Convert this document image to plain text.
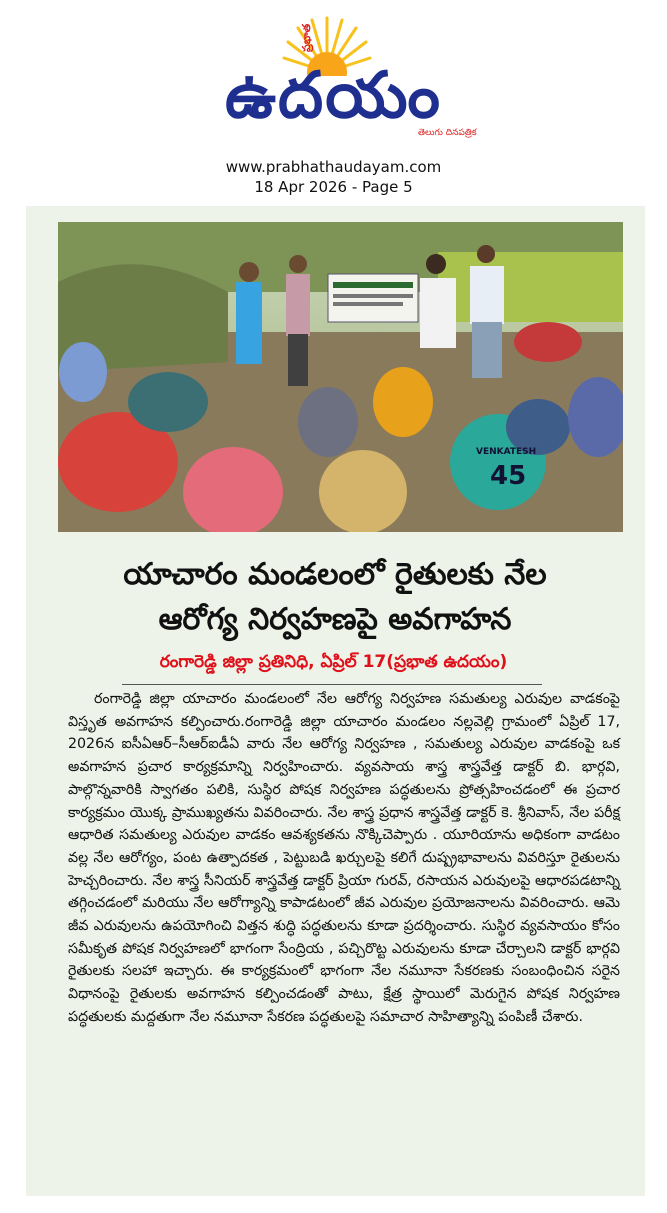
ఉదయం
ప్రభాత
తెలుగు దినపత్రిక
www.prabhathaudayam.com
18 Apr 2026 - Page 5
VENKATESH
45
యాచారం మండలంలో రైతులకు నేల
ఆరోగ్య నిర్వహణపై అవగాహన
రంగారెడ్డి జిల్లా ప్రతినిధి, ఏప్రిల్ 17(ప్రభాత ఉదయం)

రంగారెడ్డి జిల్లా యాచారం మండలంలో నేల ఆరోగ్య నిర్వహణ సమతుల్య ఎరువుల వాడకంపై విస్తృత అవగాహన కల్పించారు.రంగారెడ్డి జిల్లా యాచారం మండలం నల్లవెల్లి గ్రామంలో ఏప్రిల్ 17, 2026న ఐసీఏఆర్–సీఆర్ఐడీఏ వారు నేల ఆరోగ్య నిర్వహణ , సమతుల్య ఎరువుల వాడకంపై ఒక అవగాహన ప్రచార కార్యక్రమాన్ని నిర్వహించారు. వ్యవసాయ శాస్త్ర శాస్త్రవేత్త డాక్టర్ బి. భార్గవి, పాల్గొన్నవారికి స్వాగతం పలికి, సుస్థిర పోషక నిర్వహణ పద్ధతులను ప్రోత్సహించడంలో ఈ ప్రచార కార్యక్రమం యొక్క ప్రాముఖ్యతను వివరించారు. నేల శాస్త్ర ప్రధాన శాస్త్రవేత్త డాక్టర్ కె. శ్రీనివాస్, నేల పరీక్ష ఆధారిత సమతుల్య ఎరువుల వాడకం ఆవశ్యకతను నొక్కిచెప్పారు . యూరియాను అధికంగా వాడటం వల్ల నేల ఆరోగ్యం, పంట ఉత్పాదకత , పెట్టుబడి ఖర్చులపై కలిగే దుష్ప్రభావాలను వివరిస్తూ రైతులను హెచ్చరించారు. నేల శాస్త్ర సీనియర్ శాస్త్రవేత్త డాక్టర్ ప్రియా గురవ్, రసాయన ఎరువులపై ఆధారపడటాన్ని తగ్గించడంలో మరియు నేల ఆరోగ్యాన్ని కాపాడటంలో జీవ ఎరువుల ప్రయోజనాలను వివరించారు. ఆమె జీవ ఎరువులను ఉపయోగించి విత్తన శుద్ధి పద్ధతులను కూడా ప్రదర్శించారు. సుస్థిర వ్యవసాయం కోసం సమీకృత పోషక నిర్వహణలో భాగంగా సేంద్రియ , పచ్చిరొట్ట ఎరువులను కూడా చేర్చాలని డాక్టర్ భార్గవి రైతులకు సలహా ఇచ్చారు. ఈ కార్యక్రమంలో భాగంగా నేల నమూనా సేకరణకు సంబంధించిన సరైన విధానంపై రైతులకు అవగాహన కల్పించడంతో పాటు, క్షేత్ర స్థాయిలో మెరుగైన పోషక నిర్వహణ పద్ధతులకు మద్దతుగా నేల నమూనా సేకరణ పద్ధతులపై సమాచార సాహిత్యాన్ని పంపిణీ చేశారు.
